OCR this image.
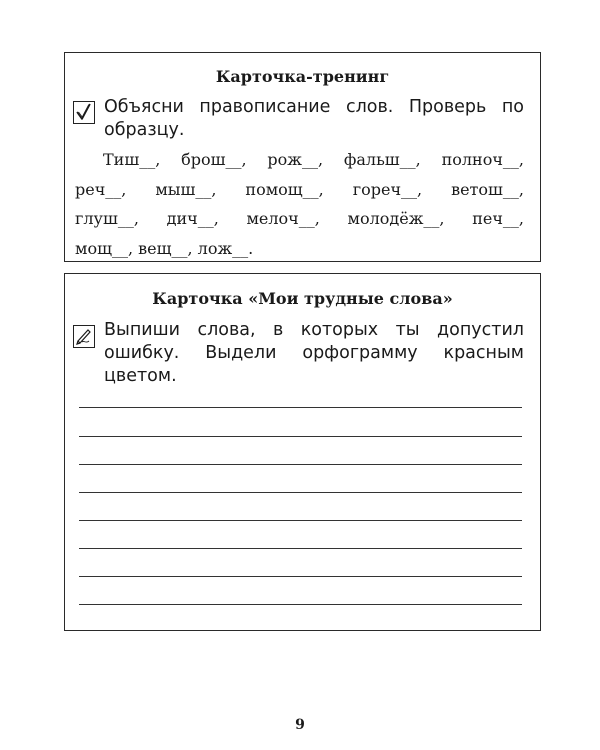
Карточка-тренинг
Объясни правописание слов. Проверь по
образцу.
Тиш__, брош__, рож__, фальш__, полноч__,
реч__, мыш__, помощ__, гореч__, ветош__,
глуш__, дич__, мелоч__, молодёж__, печ__,
мощ__, вещ__, лож__.
Карточка «Мои трудные слова»
Выпиши слова, в которых ты допустил
ошибку. Выдели орфограмму красным
цветом.
9
